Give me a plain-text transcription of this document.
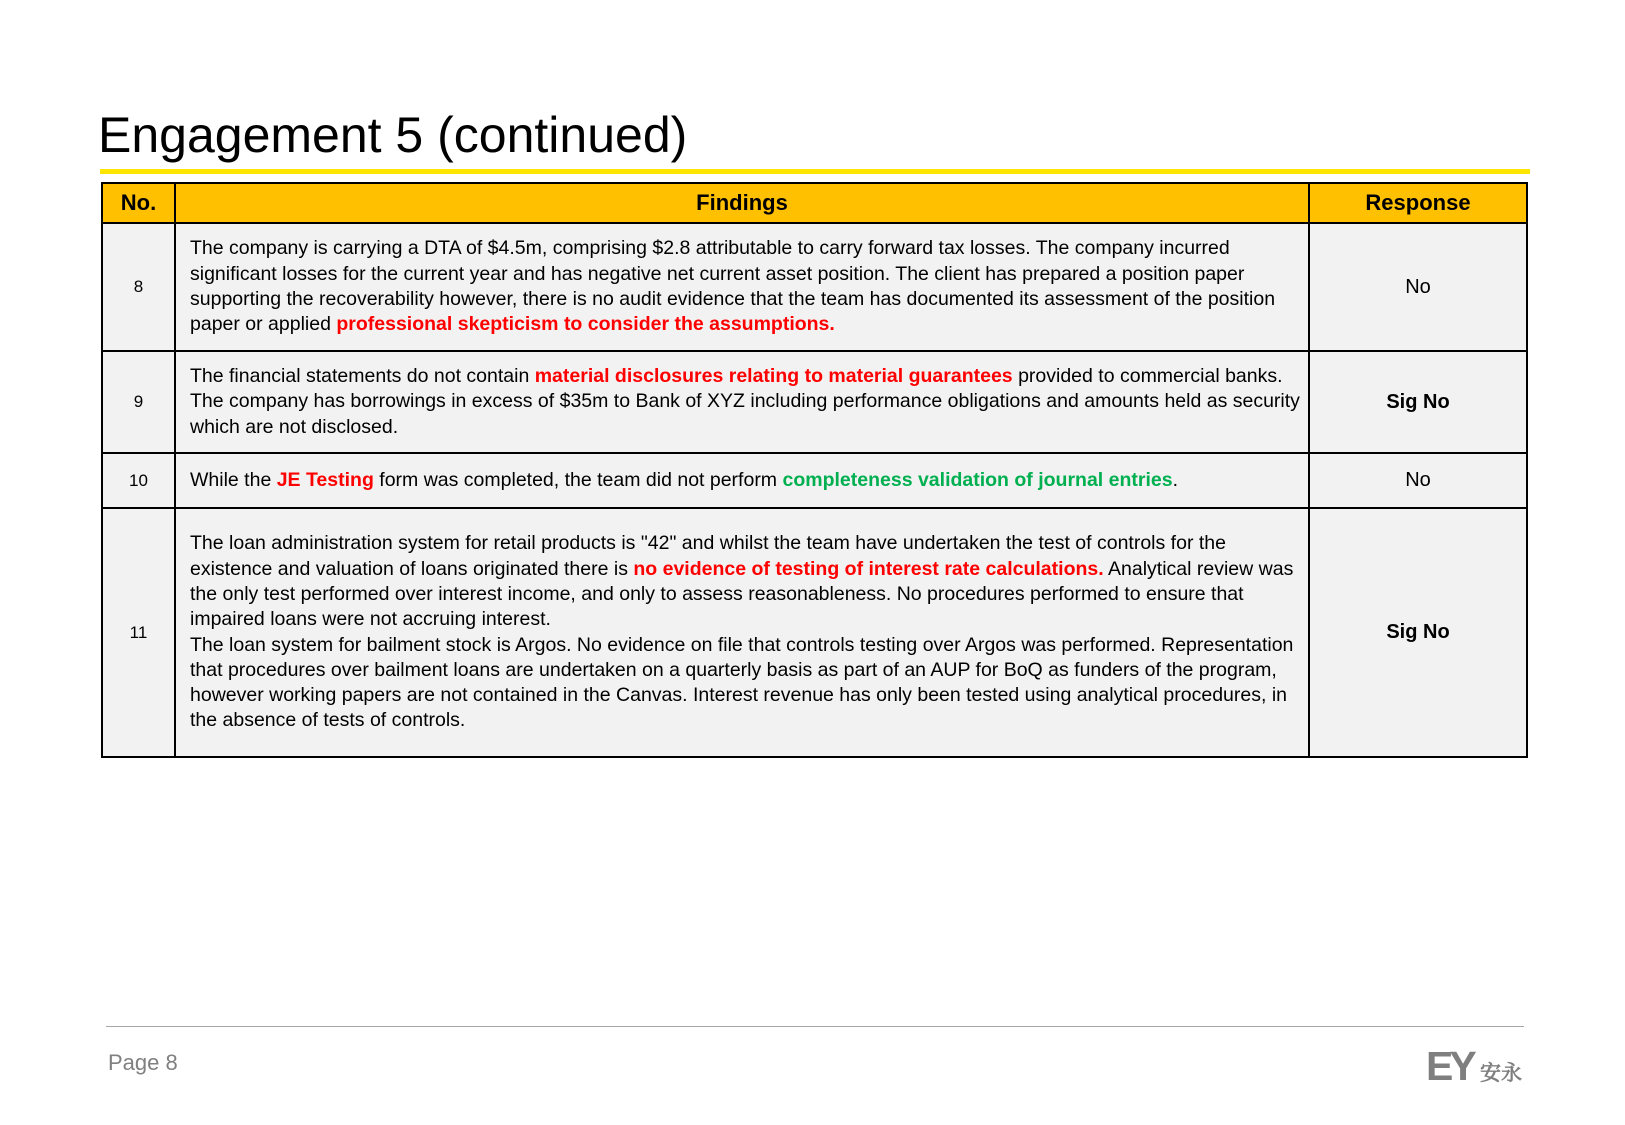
Engagement 5 (continued)
No.	Findings	Response
8	The company is carrying a DTA of $4.5m, comprising $2.8 attributable to carry forward tax losses. The company incurred significant losses for the current year and has negative net current asset position. The client has prepared a position paper supporting the recoverability however, there is no audit evidence that the team has documented its assessment of the position paper or applied professional skepticism to consider the assumptions.	No
9	The financial statements do not contain material disclosures relating to material guarantees provided to commercial banks. The company has borrowings in excess of $35m to Bank of XYZ including performance obligations and amounts held as security which are not disclosed.	Sig No
10	While the JE Testing form was completed, the team did not perform completeness validation of journal entries.	No
11	The loan administration system for retail products is "42" and whilst the team have undertaken the test of controls for the existence and valuation of loans originated there is no evidence of testing of interest rate calculations. Analytical review was the only test performed over interest income, and only to assess reasonableness. No procedures performed to ensure that impaired loans were not accruing interest.
The loan system for bailment stock is Argos. No evidence on file that controls testing over Argos was performed. Representation that procedures over bailment loans are undertaken on a quarterly basis as part of an AUP for BoQ as funders of the program, however working papers are not contained in the Canvas. Interest revenue has only been tested using analytical procedures, in the absence of tests of controls.	Sig No
Page 8	EY 安永
